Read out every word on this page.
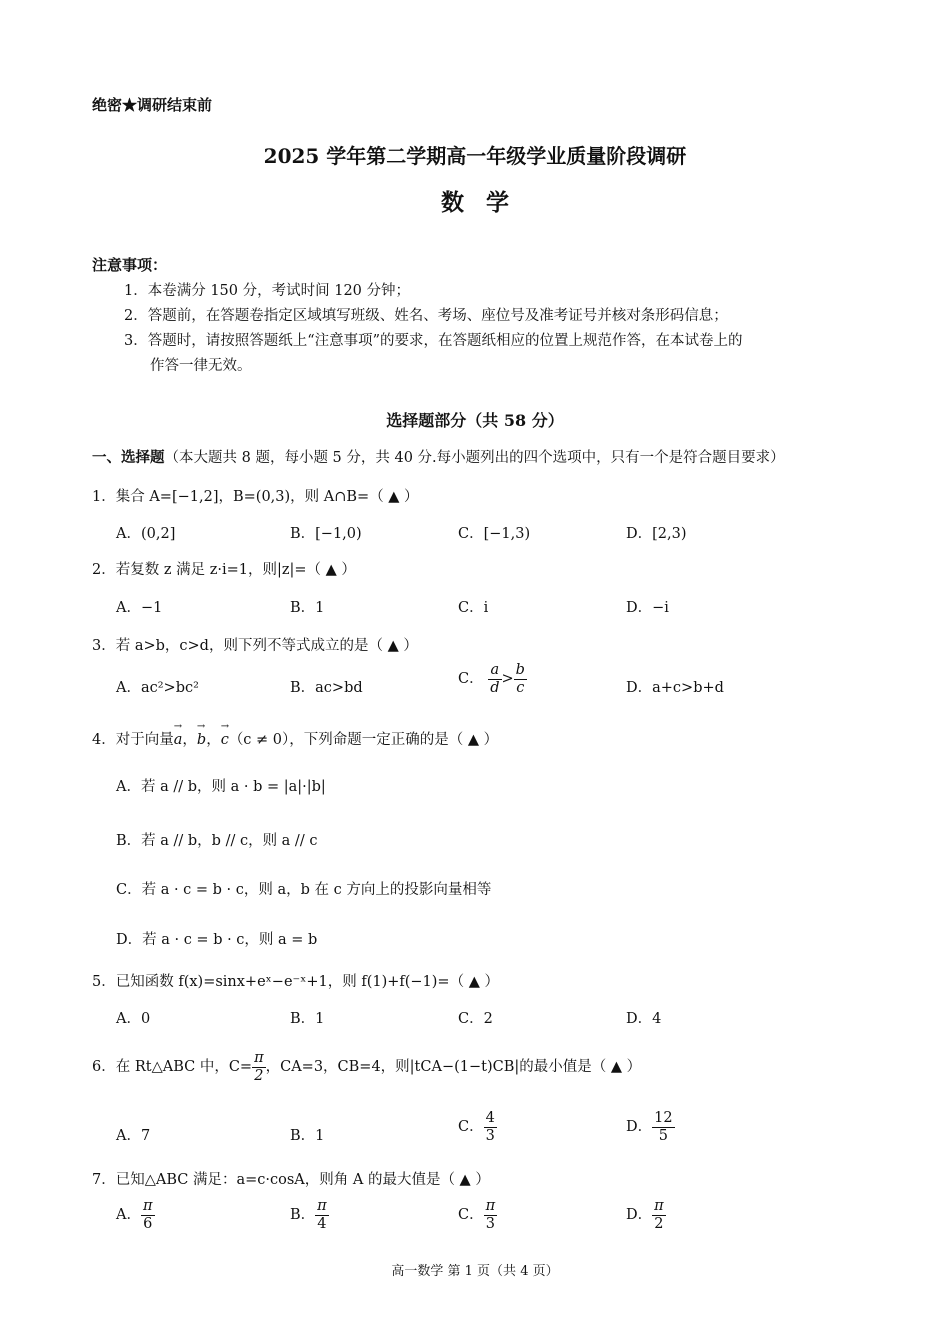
绝密★调研结束前
2025 学年第二学期高一年级学业质量阶段调研
数学
注意事项：
1．本卷满分 150 分，考试时间 120 分钟；
2．答题前，在答题卷指定区域填写班级、姓名、考场、座位号及准考证号并核对条形码信息；
3．答题时，请按照答题纸上“注意事项”的要求，在答题纸相应的位置上规范作答，在本试卷上的
作答一律无效。
选择题部分（共 58 分）
一、选择题（本大题共 8 题，每小题 5 分，共 40 分.每小题列出的四个选项中，只有一个是符合题目要求）
1．集合 A=[−1,2]，B=(0,3)，则 A∩B=（ ▲ ）
A．(0,2]	B．[−1,0)	C．[−1,3)	D．[2,3)
2．若复数 z 满足 z·i=1，则|z|=（ ▲ ）
A．−1	B．1	C．i	D．−i
3．若 a>b，c>d，则下列不等式成立的是（ ▲ ）
A．ac²>bc²	B．ac>bd
C． $\frac{a}{d} > \frac{b}{c}$	D．a+c>b+d
4．对于向量→ a，→ b，→ c（c ≠ 0），下列命题一定正确的是（ ▲ ）
A．若 a // b，则 a · b = |a|·|b|
B．若 a // b，b // c，则 a // c
C．若 a · c = b · c，则 a，b 在 c 方向上的投影向量相等
D．若 a · c = b · c，则 a = b
5．已知函数 f(x)=sinx+eˣ−e⁻ˣ+1，则 f(1)+f(−1)=（ ▲ ）
A．0	B．1	C．2	D．4
6．在 Rt△ABC 中，$C= \frac{\pi}{2}$ ，CA=3，CB=4，则|tCA−(1−t)CB|的最小值是（ ▲ ）
A．7	B．1
C． $\frac{4}{3}$	D． $\frac{12}{5}$
7．已知△ABC 满足：a=c·cosA，则角 A 的最大值是（ ▲ ）
A． $\frac{\pi}{6}$	B． $\frac{\pi}{4}$	C． $\frac{\pi}{3}$	D． $\frac{\pi}{2}$
高一数学 第 1 页（共 4 页）
